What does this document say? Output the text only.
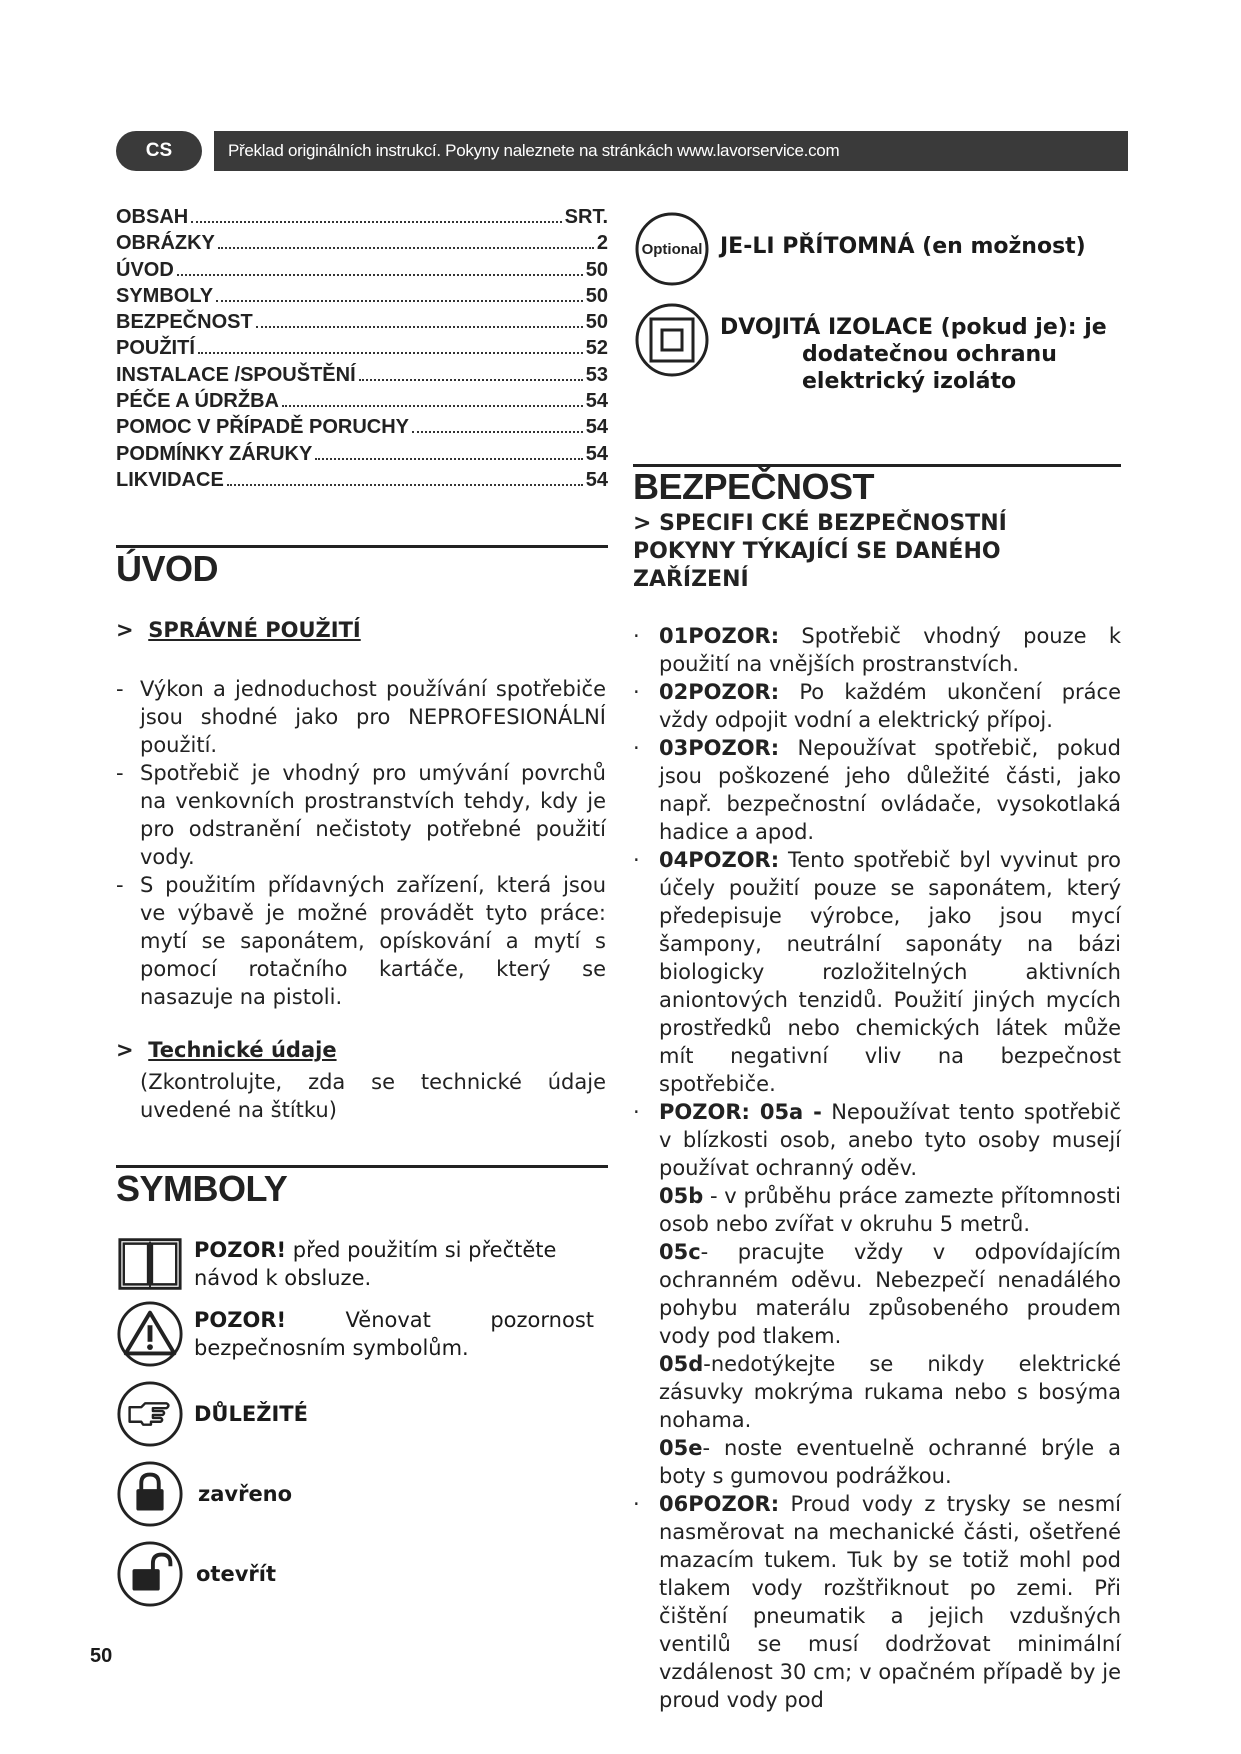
CS	Překlad originálních instrukcí. Pokyny naleznete na stránkách www.lavorservice.com
OBSAH	SRT.
OBRÁZKY	2
ÚVOD	50
SYMBOLY	50
BEZPEČNOST	50
POUŽITÍ	52
INSTALACE /SPOUŠTĚNÍ	53
PÉČE A ÚDRŽBA	54
POMOC V PŘÍPADĚ PORUCHY	54
PODMÍNKY ZÁRUKY	54
LIKVIDACE	54
ÚVOD
> SPRÁVNÉ POUŽITÍ
- Výkon a jednoduchost používání spotřebiče jsou shodné jako pro NEPROFESIONÁLNÍ použití.
- Spotřebič je vhodný pro umývání povrchů na venkovních prostranstvích tehdy, kdy je pro odstranění nečistoty potřebné použití vody.
- S použitím přídavných zařízení, která jsou ve výbavě je možné provádět tyto práce: mytí se saponátem, opískování a mytí s pomocí rotačního kartáče, který se nasazuje na pistoli.
> Technické údaje
(Zkontrolujte, zda se technické údaje uvedené na štítku)
SYMBOLY
POZOR! před použitím si přečtěte návod k obsluze.
POZOR! Věnovat pozornost bezpečnosním symbolům.
DŮLEŽITÉ
zavřeno
otevřít
Optional JE-LI PŘÍTOMNÁ (en možnost)
DVOJITÁ IZOLACE (pokud je): je dodatečnou ochranu elektrický izoláto
BEZPEČNOST
> SPECIFI CKÉ BEZPEČNOSTNÍ POKYNY TÝKAJÍCÍ SE DANÉHO ZAŘÍZENÍ
· 01POZOR: Spotřebič vhodný pouze k použití na vnějších prostranstvích.
· 02POZOR: Po každém ukončení práce vždy odpojit vodní a elektrický přípoj.
· 03POZOR: Nepoužívat spotřebič, pokud jsou poškozené jeho důležité části, jako např. bezpečnostní ovládače, vysokotlaká hadice a apod.
· 04POZOR: Tento spotřebič byl vyvinut pro účely použití pouze se saponátem, který předepisuje výrobce, jako jsou mycí šampony, neutrální saponáty na bázi biologicky rozložitelných aktivních aniontových tenzidů. Použití jiných mycích prostředků nebo chemických látek může mít negativní vliv na bezpečnost spotřebiče.
· POZOR: 05a - Nepoužívat tento spotřebič v blízkosti osob, anebo tyto osoby musejí používat ochranný oděv.
05b - v průběhu práce zamezte přítomnosti osob nebo zvířat v okruhu 5 metrů.
05c- pracujte vždy v odpovídajícím ochranném oděvu. Nebezpečí nenadálého pohybu materálu způsobeného proudem vody pod tlakem.
05d-nedotýkejte se nikdy elektrické zásuvky mokrýma rukama nebo s bosýma nohama.
05e- noste eventuelně ochranné brýle a boty s gumovou podrážkou.
· 06POZOR: Proud vody z trysky se nesmí nasměrovat na mechanické části, ošetřené mazacím tukem. Tuk by se totiž mohl pod tlakem vody rozštřiknout po zemi. Při čištění pneumatik a jejich vzdušných ventilů se musí dodržovat minimální vzdálenost 30 cm; v opačném případě by je proud vody pod
50
